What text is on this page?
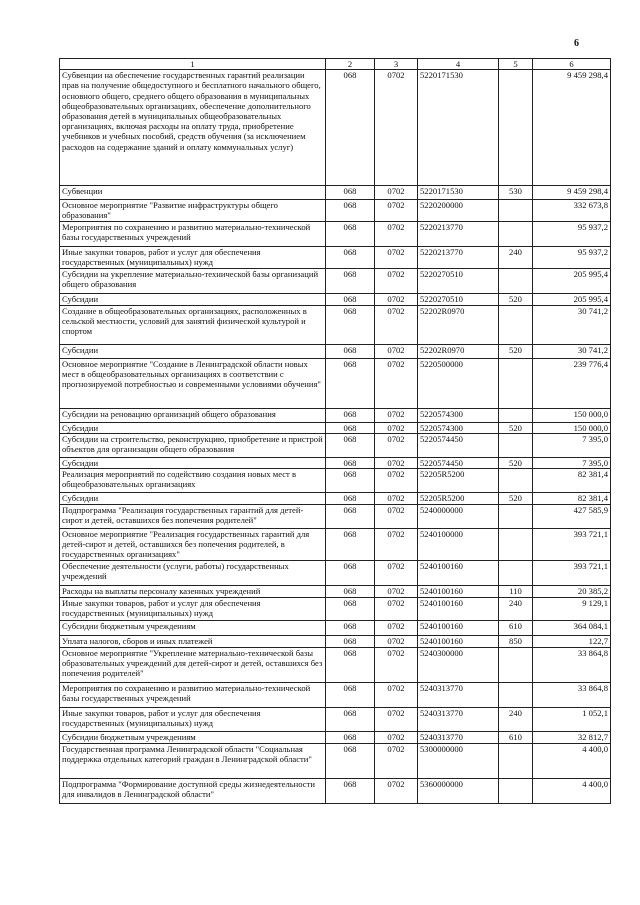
6
1	2	3	4	5	6
Субвенции на обеспечение государственных гарантий реализации прав на получение общедоступного и бесплатного начального общего, основного общего, среднего общего образования в муниципальных общеобразовательных организациях, обеспечение дополнительного образования детей в муниципальных общеобразовательных организациях, включая расходы на оплату труда, приобретение учебников и учебных пособий, средств обучения (за исключением расходов на содержание зданий и оплату коммунальных услуг)	068	0702	5220171530		9 459 298,4
Субвенции	068	0702	5220171530	530	9 459 298,4
Основное мероприятие "Развитие инфраструктуры общего образования"	068	0702	5220200000		332 673,8
Мероприятия по сохранению и развитию материально-технической базы государственных учреждений	068	0702	5220213770		95 937,2
Иные закупки товаров, работ и услуг для обеспечения государственных (муниципальных) нужд	068	0702	5220213770	240	95 937,2
Субсидии на укрепление материально-технической базы организаций общего образования	068	0702	5220270510		205 995,4
Субсидии	068	0702	5220270510	520	205 995,4
Создание в общеобразовательных организациях, расположенных в сельской местности, условий для занятий физической культурой и спортом	068	0702	52202R0970		30 741,2
Субсидии	068	0702	52202R0970	520	30 741,2
Основное мероприятие "Создание в Ленинградской области новых мест в общеобразовательных организациях в соответствии с прогнозируемой потребностью и современными условиями обучения"	068	0702	5220500000		239 776,4
Субсидии на реновацию организаций общего образования	068	0702	5220574300		150 000,0
Субсидии	068	0702	5220574300	520	150 000,0
Субсидии на строительство, реконструкцию, приобретение и пристрой объектов для организации общего образования	068	0702	5220574450		7 395,0
Субсидии	068	0702	5220574450	520	7 395,0
Реализация мероприятий по содействию создания новых мест в общеобразовательных организациях	068	0702	52205R5200		82 381,4
Субсидии	068	0702	52205R5200	520	82 381,4
Подпрограмма "Реализация государственных гарантий для детей-сирот и детей, оставшихся без попечения родителей"	068	0702	5240000000		427 585,9
Основное мероприятие "Реализация государственных гарантий для детей-сирот и детей, оставшихся без попечения родителей, в государственных организациях"	068	0702	5240100000		393 721,1
Обеспечение деятельности (услуги, работы) государственных учреждений	068	0702	5240100160		393 721,1
Расходы на выплаты персоналу казенных учреждений	068	0702	5240100160	110	20 385,2
Иные закупки товаров, работ и услуг для обеспечения государственных (муниципальных) нужд	068	0702	5240100160	240	9 129,1
Субсидии бюджетным учреждениям	068	0702	5240100160	610	364 084,1
Уплата налогов, сборов и иных платежей	068	0702	5240100160	850	122,7
Основное мероприятие "Укрепление материально-технической базы образовательных учреждений для детей-сирот и детей, оставшихся без попечения родителей"	068	0702	5240300000		33 864,8
Мероприятия по сохранению и развитию материально-технической базы государственных учреждений	068	0702	5240313770		33 864,8
Иные закупки товаров, работ и услуг для обеспечения государственных (муниципальных) нужд	068	0702	5240313770	240	1 052,1
Субсидии бюджетным учреждениям	068	0702	5240313770	610	32 812,7
Государственная программа Ленинградской области "Социальная поддержка отдельных категорий граждан в Ленинградской области"	068	0702	5300000000		4 400,0
Подпрограмма "Формирование доступной среды жизнедеятельности для инвалидов в Ленинградской области"	068	0702	5360000000		4 400,0
